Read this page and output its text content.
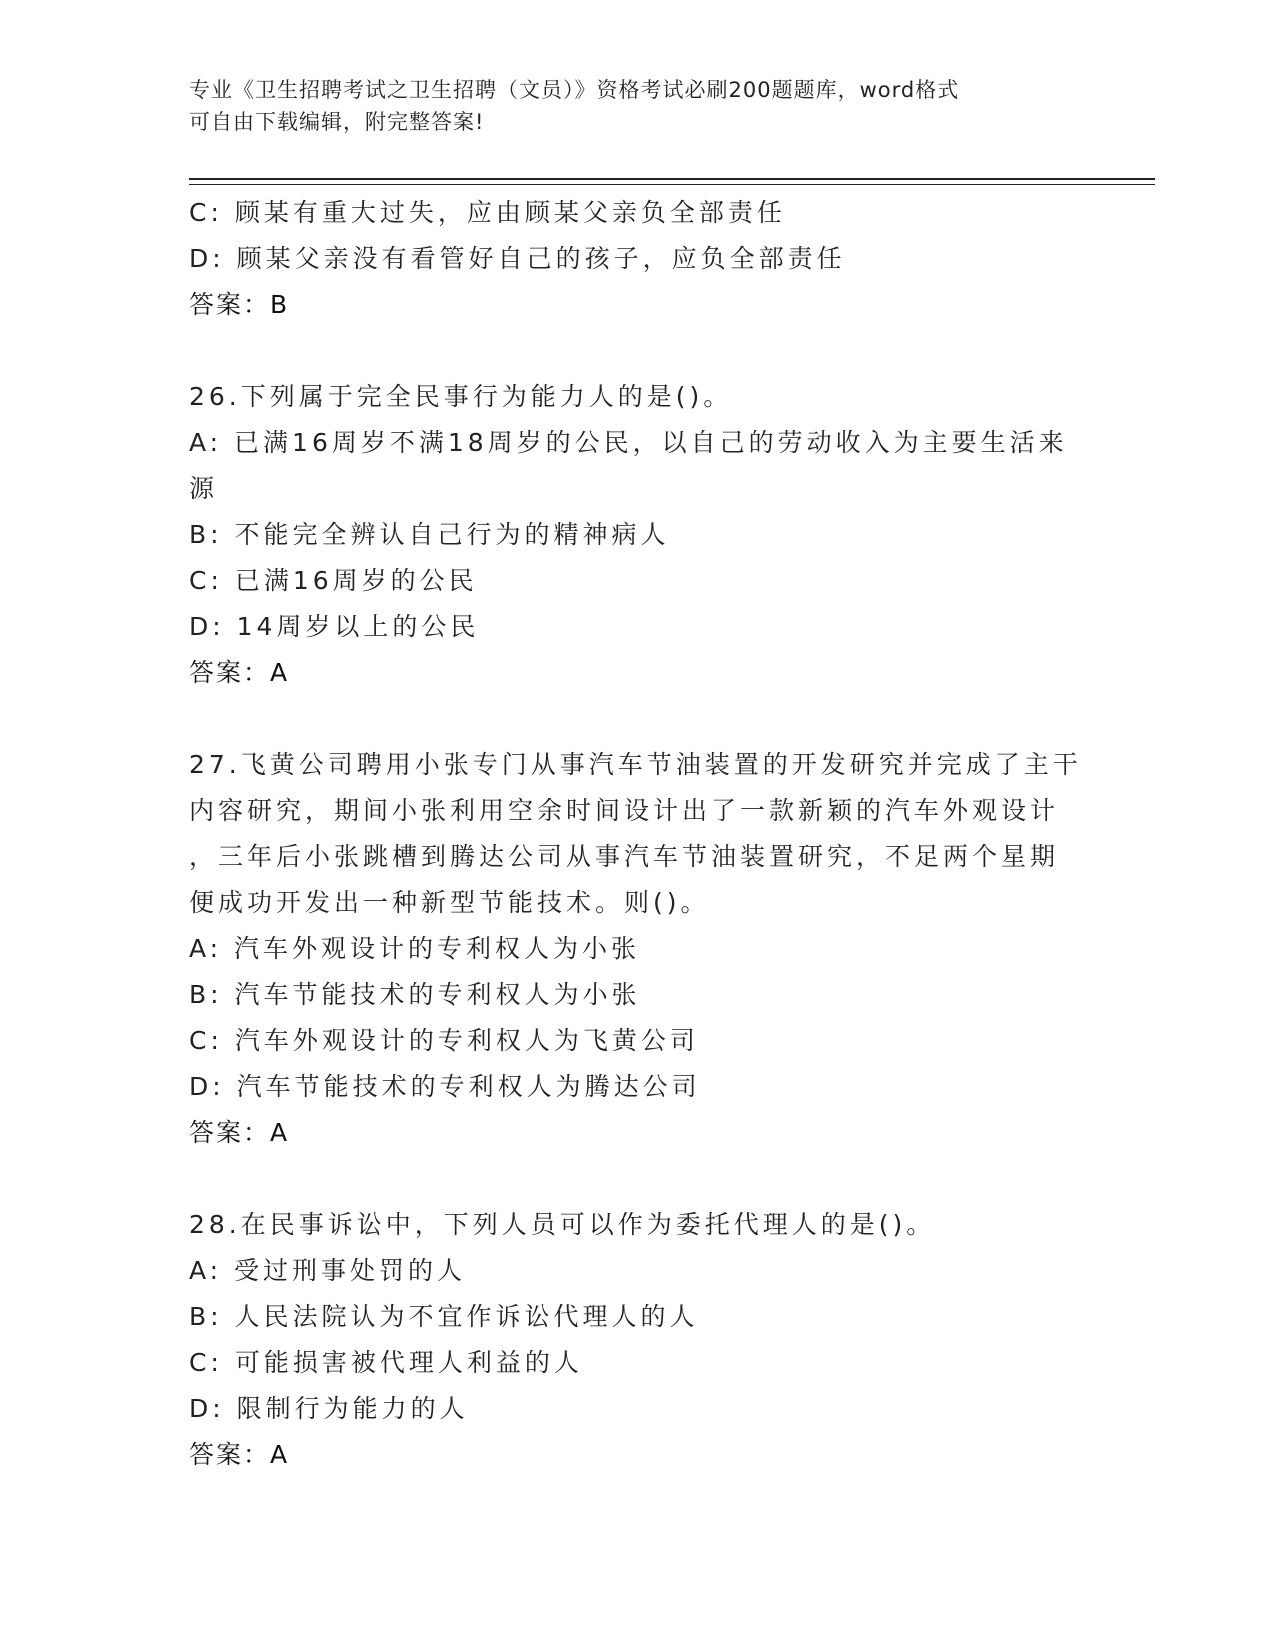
专业《卫生招聘考试之卫生招聘（文员）》资格考试必刷200题题库，word格式
可自由下载编辑，附完整答案!
C: 顾某有重大过失，应由顾某父亲负全部责任
D: 顾某父亲没有看管好自己的孩子，应负全部责任
答案：B
26.下列属于完全民事行为能力人的是()。
A: 已满16周岁不满18周岁的公民，以自己的劳动收入为主要生活来
源
B: 不能完全辨认自己行为的精神病人
C: 已满16周岁的公民
D: 14周岁以上的公民
答案：A
27.飞黄公司聘用小张专门从事汽车节油装置的开发研究并完成了主干
内容研究，期间小张利用空余时间设计出了一款新颖的汽车外观设计
，三年后小张跳槽到腾达公司从事汽车节油装置研究，不足两个星期
便成功开发出一种新型节能技术。则()。
A: 汽车外观设计的专利权人为小张
B: 汽车节能技术的专利权人为小张
C: 汽车外观设计的专利权人为飞黄公司
D: 汽车节能技术的专利权人为腾达公司
答案：A
28.在民事诉讼中，下列人员可以作为委托代理人的是()。
A: 受过刑事处罚的人
B: 人民法院认为不宜作诉讼代理人的人
C: 可能损害被代理人利益的人
D: 限制行为能力的人
答案：A
